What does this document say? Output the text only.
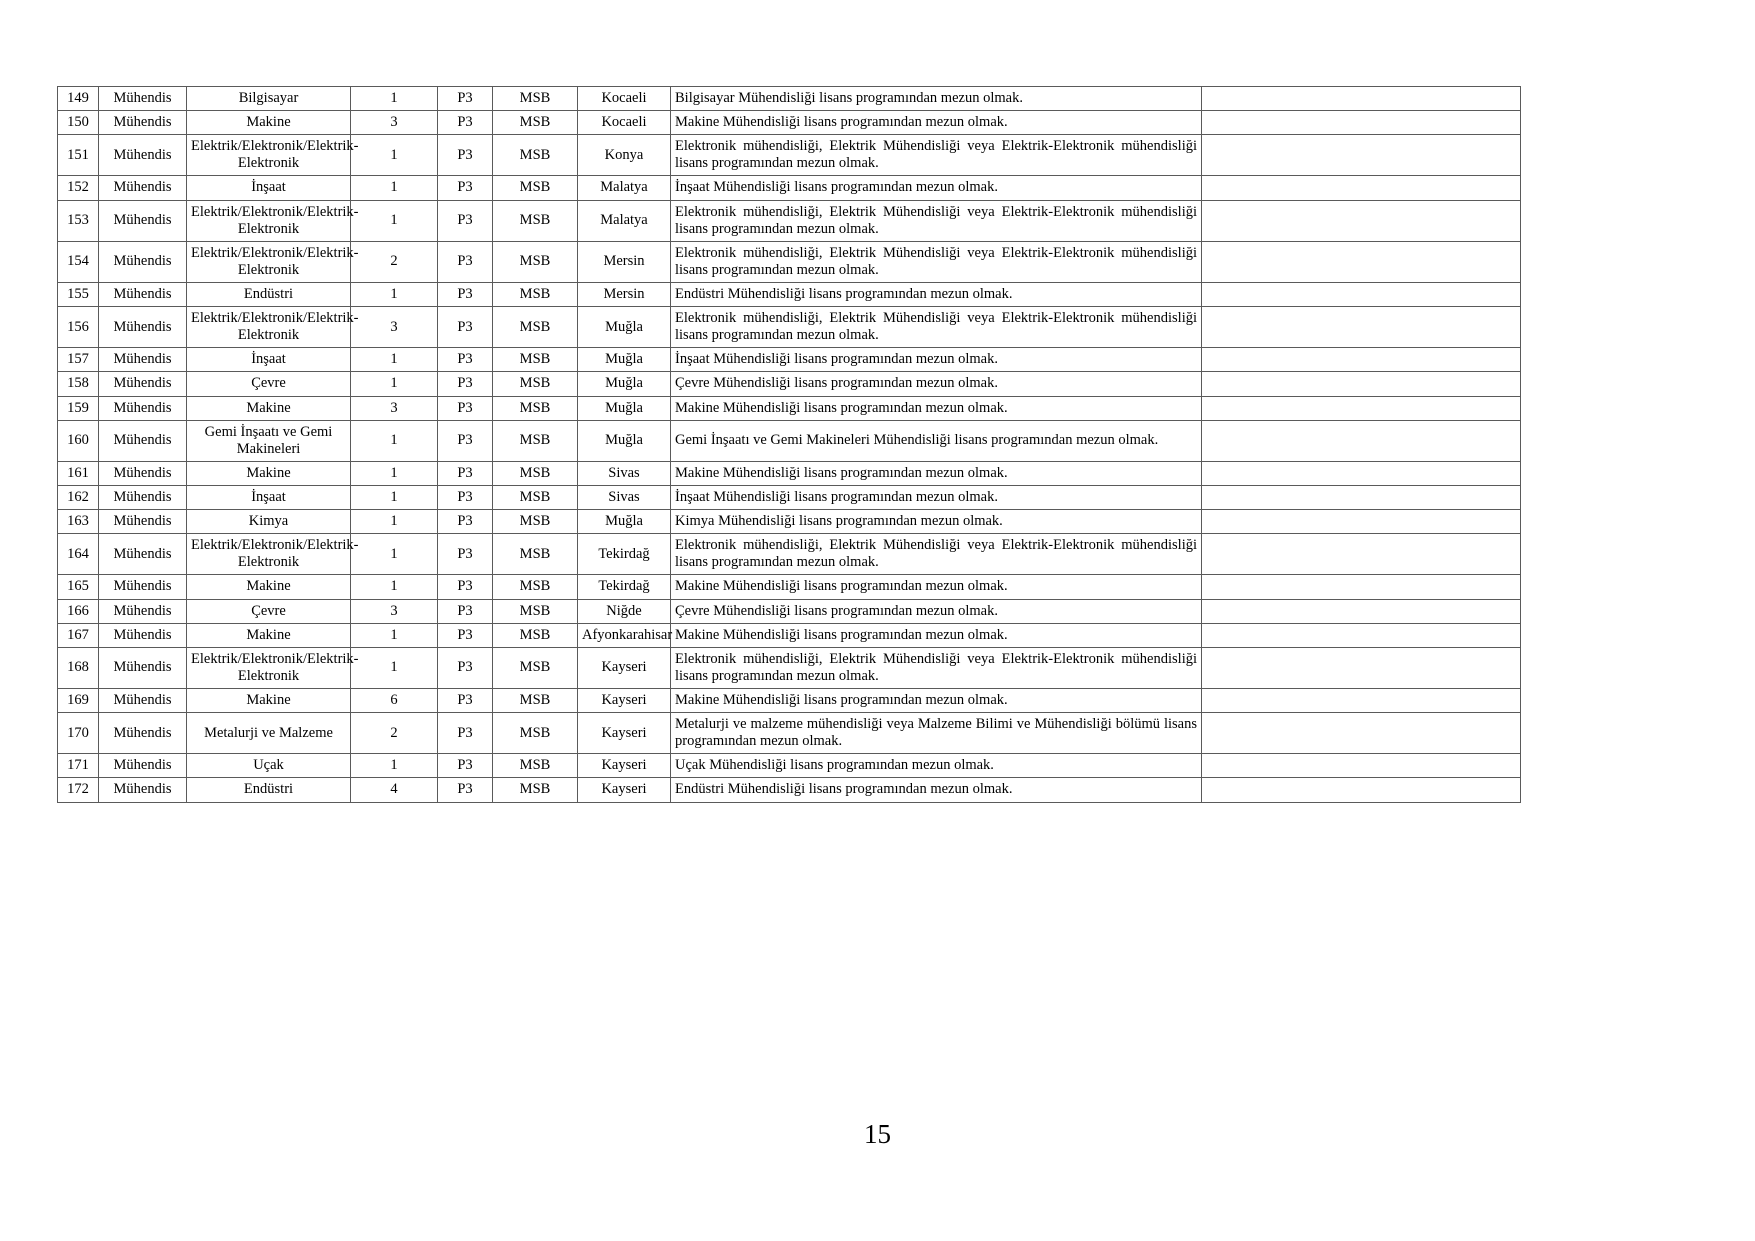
149	Mühendis	Bilgisayar	1	P3	MSB	Kocaeli	Bilgisayar Mühendisliği lisans programından mezun olmak.	
150	Mühendis	Makine	3	P3	MSB	Kocaeli	Makine Mühendisliği lisans programından mezun olmak.	
151	Mühendis	Elektrik/Elektronik/Elektrik-Elektronik	1	P3	MSB	Konya	Elektronik mühendisliği, Elektrik Mühendisliği veya Elektrik-Elektronik mühendisliği lisans programından mezun olmak.	
152	Mühendis	İnşaat	1	P3	MSB	Malatya	İnşaat Mühendisliği lisans programından mezun olmak.	
153	Mühendis	Elektrik/Elektronik/Elektrik-Elektronik	1	P3	MSB	Malatya	Elektronik mühendisliği, Elektrik Mühendisliği veya Elektrik-Elektronik mühendisliği lisans programından mezun olmak.	
154	Mühendis	Elektrik/Elektronik/Elektrik-Elektronik	2	P3	MSB	Mersin	Elektronik mühendisliği, Elektrik Mühendisliği veya Elektrik-Elektronik mühendisliği lisans programından mezun olmak.	
155	Mühendis	Endüstri	1	P3	MSB	Mersin	Endüstri Mühendisliği lisans programından mezun olmak.	
156	Mühendis	Elektrik/Elektronik/Elektrik-Elektronik	3	P3	MSB	Muğla	Elektronik mühendisliği, Elektrik Mühendisliği veya Elektrik-Elektronik mühendisliği lisans programından mezun olmak.	
157	Mühendis	İnşaat	1	P3	MSB	Muğla	İnşaat Mühendisliği lisans programından mezun olmak.	
158	Mühendis	Çevre	1	P3	MSB	Muğla	Çevre Mühendisliği lisans programından mezun olmak.	
159	Mühendis	Makine	3	P3	MSB	Muğla	Makine Mühendisliği lisans programından mezun olmak.	
160	Mühendis	Gemi İnşaatı ve Gemi Makineleri	1	P3	MSB	Muğla	Gemi İnşaatı ve Gemi Makineleri Mühendisliği lisans programından mezun olmak.	
161	Mühendis	Makine	1	P3	MSB	Sivas	Makine Mühendisliği lisans programından mezun olmak.	
162	Mühendis	İnşaat	1	P3	MSB	Sivas	İnşaat Mühendisliği lisans programından mezun olmak.	
163	Mühendis	Kimya	1	P3	MSB	Muğla	Kimya Mühendisliği lisans programından mezun olmak.	
164	Mühendis	Elektrik/Elektronik/Elektrik-Elektronik	1	P3	MSB	Tekirdağ	Elektronik mühendisliği, Elektrik Mühendisliği veya Elektrik-Elektronik mühendisliği lisans programından mezun olmak.	
165	Mühendis	Makine	1	P3	MSB	Tekirdağ	Makine Mühendisliği lisans programından mezun olmak.	
166	Mühendis	Çevre	3	P3	MSB	Niğde	Çevre Mühendisliği lisans programından mezun olmak.	
167	Mühendis	Makine	1	P3	MSB	Afyonkarahisar	Makine Mühendisliği lisans programından mezun olmak.	
168	Mühendis	Elektrik/Elektronik/Elektrik-Elektronik	1	P3	MSB	Kayseri	Elektronik mühendisliği, Elektrik Mühendisliği veya Elektrik-Elektronik mühendisliği lisans programından mezun olmak.	
169	Mühendis	Makine	6	P3	MSB	Kayseri	Makine Mühendisliği lisans programından mezun olmak.	
170	Mühendis	Metalurji ve Malzeme	2	P3	MSB	Kayseri	Metalurji ve malzeme mühendisliği veya Malzeme Bilimi ve Mühendisliği bölümü lisans programından mezun olmak.	
171	Mühendis	Uçak	1	P3	MSB	Kayseri	Uçak Mühendisliği lisans programından mezun olmak.	
172	Mühendis	Endüstri	4	P3	MSB	Kayseri	Endüstri Mühendisliği lisans programından mezun olmak.	
15
